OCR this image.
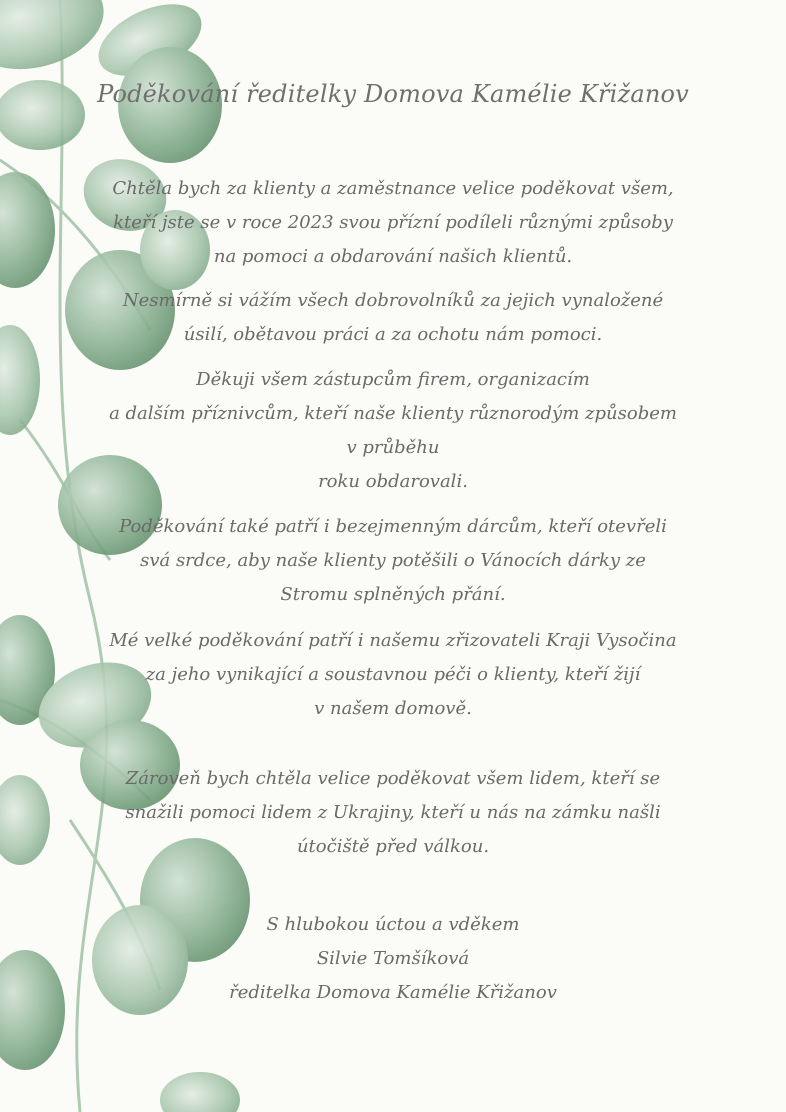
Poděkování ředitelky Domova Kamélie Křižanov
Chtěla bych za klienty a zaměstnance velice poděkovat všem,
kteří jste se v roce 2023 svou přízní podíleli různými způsoby
na pomoci a obdarování našich klientů.
Nesmírně si vážím všech dobrovolníků za jejich vynaložené
úsilí, obětavou práci a za ochotu nám pomoci.
Děkuji všem zástupcům firem, organizacím
a dalším příznivcům, kteří naše klienty různorodým způsobem
v průběhu
roku obdarovali.
Poděkování také patří i bezejmenným dárcům, kteří otevřeli
svá srdce, aby naše klienty potěšili o Vánocích dárky ze
Stromu splněných přání.
Mé velké poděkování patří i našemu zřizovateli Kraji Vysočina
za jeho vynikající a soustavnou péči o klienty, kteří žijí
v našem domově.
Zároveň bych chtěla velice poděkovat všem lidem, kteří se
snažili pomoci lidem z Ukrajiny, kteří u nás na zámku našli
útočiště před válkou.
S hlubokou úctou a vděkem
Silvie Tomšíková
ředitelka Domova Kamélie Křižanov
